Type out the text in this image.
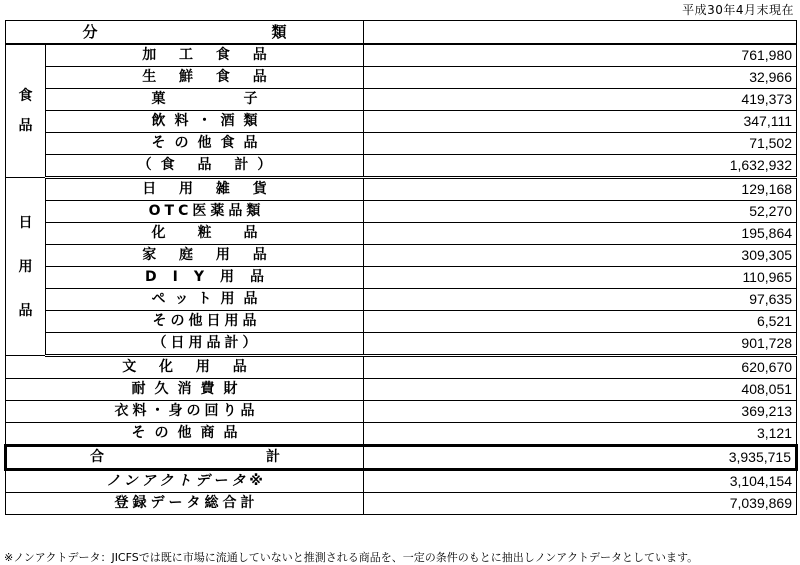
平成30年4月末現在
分　　類		

食
品	加 工 食 品	761,980
	生 鮮 食 品	32,966
	菓　　　子	419,373
	飲料・酒類	347,111
	その他食品	71,502
	（食 品 計）	1,632,932

日
用
品	日 用 雑 貨	129,168
	OTC医薬品類	52,270
	化　粧　品	195,864
	家 庭 用 品	309,305
	DIY用品	110,965
	ペット用品	97,635
	その他日用品	6,521
	（日用品計）	901,728
文 化 用 品		620,670
耐久消費財		408,051
衣料・身の回り品		369,213
その他商品		3,121
合　　　計		3,935,715
ノンアクトデータ※		3,104,154
登録データ総合計		7,039,869
※ノンアクトデータ：JICFSでは既に市場に流通していないと推測される商品を、一定の条件のもとに抽出しノンアクトデータとしています。
